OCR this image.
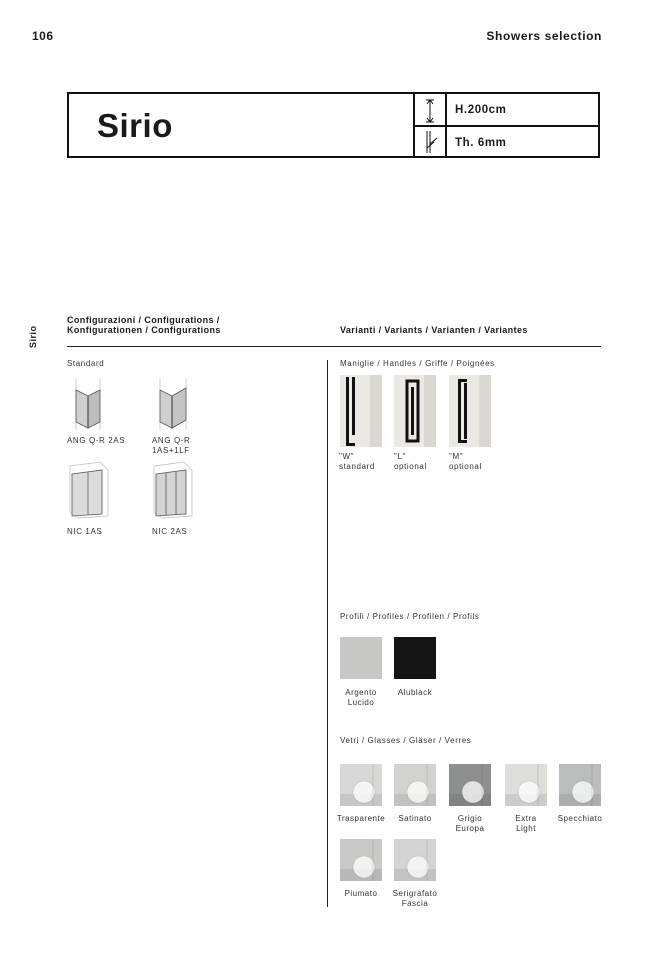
106	Showers selection
Sirio	H.200cm
Th. 6mm
Sirio
Configurazioni / Configurations /
Konfigurationen / Configurations	Varianti / Variants / Varianten / Variantes
Standard
ANG Q-R 2AS	ANG Q-R
1AS+1LF
NIC 1AS	NIC 2AS
Maniglie / Handles / Griffe / Poignées
"W"
standard
"L"
optional
"M"
optional
Profili / Profiles / Profilen / Profils
Argento
Lucido
Alublack
Vetri / Glasses / Gläser / Verres
Trasparente	Satinato	Grigio
Europa
Extra
Light
Specchiato
Piumato	Serigrafato
Fascia
